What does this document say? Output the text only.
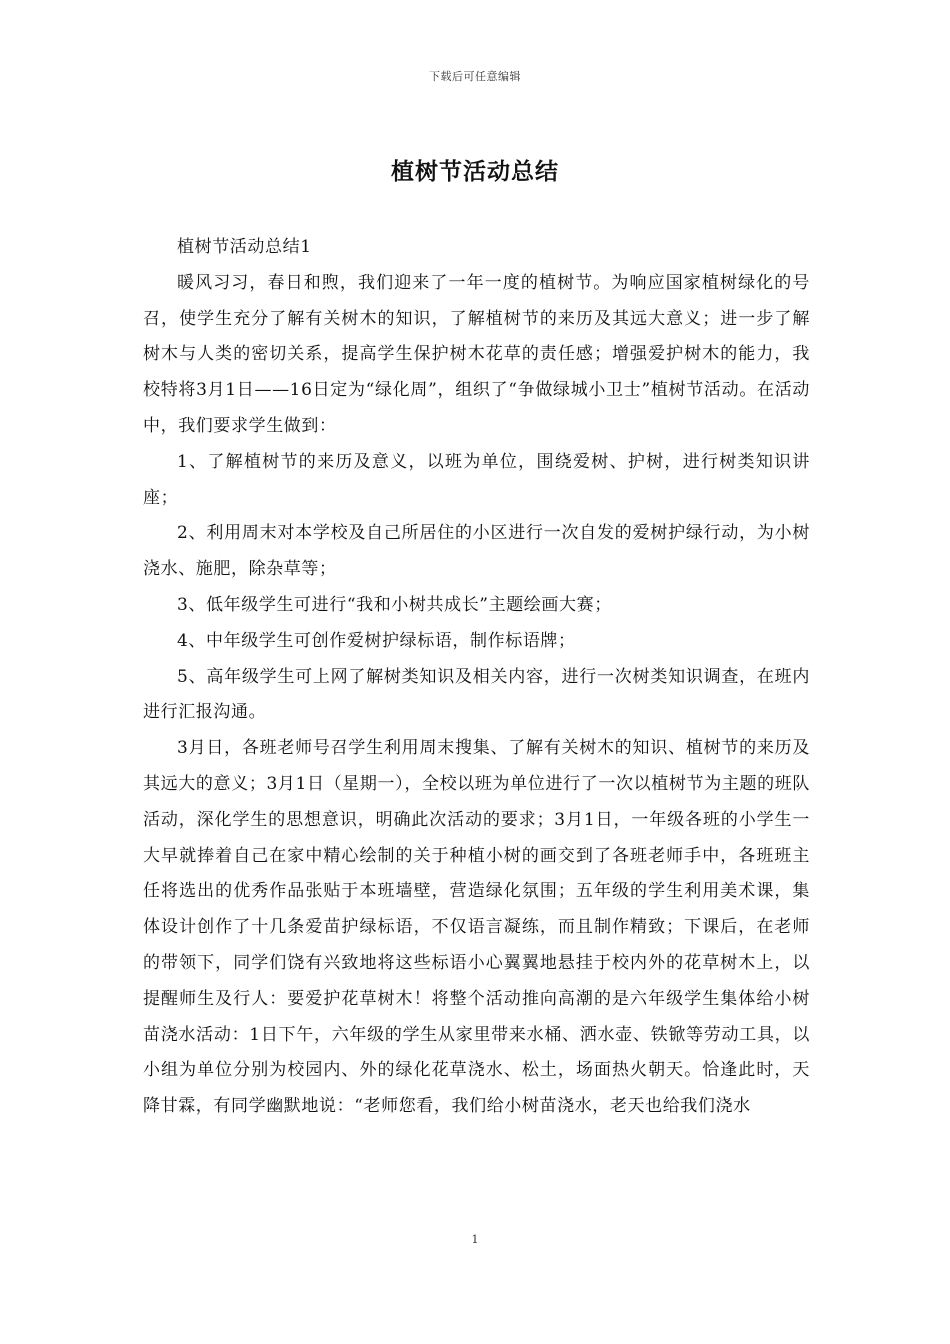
下载后可任意编辑
植树节活动总结

植树节活动总结1

暖风习习，春日和煦，我们迎来了一年一度的植树节。为响应国家植树绿化的号召，使学生充分了解有关树木的知识，了解植树节的来历及其远大意义；进一步了解树木与人类的密切关系，提高学生保护树木花草的责任感；增强爱护树木的能力，我校特将3月1日——16日定为“绿化周”，组织了“争做绿城小卫士”植树节活动。在活动中，我们要求学生做到：

1、了解植树节的来历及意义，以班为单位，围绕爱树、护树，进行树类知识讲座；

2、利用周末对本学校及自己所居住的小区进行一次自发的爱树护绿行动，为小树浇水、施肥，除杂草等；

3、低年级学生可进行“我和小树共成长”主题绘画大赛；

4、中年级学生可创作爱树护绿标语，制作标语牌；

5、高年级学生可上网了解树类知识及相关内容，进行一次树类知识调查，在班内进行汇报沟通。

3月日，各班老师号召学生利用周末搜集、了解有关树木的知识、植树节的来历及其远大的意义；3月1日（星期一），全校以班为单位进行了一次以植树节为主题的班队活动，深化学生的思想意识，明确此次活动的要求；3月1日，一年级各班的小学生一大早就捧着自己在家中精心绘制的关于种植小树的画交到了各班老师手中，各班班主任将选出的优秀作品张贴于本班墙壁，营造绿化氛围；五年级的学生利用美术课，集体设计创作了十几条爱苗护绿标语，不仅语言凝练，而且制作精致；下课后，在老师的带领下，同学们饶有兴致地将这些标语小心翼翼地悬挂于校内外的花草树木上，以提醒师生及行人：要爱护花草树木！将整个活动推向高潮的是六年级学生集体给小树苗浇水活动：1日下午，六年级的学生从家里带来水桶、洒水壶、铁锨等劳动工具，以小组为单位分别为校园内、外的绿化花草浇水、松土，场面热火朝天。恰逢此时，天降甘霖，有同学幽默地说：“老师您看，我们给小树苗浇水，老天也给我们浇水

1
